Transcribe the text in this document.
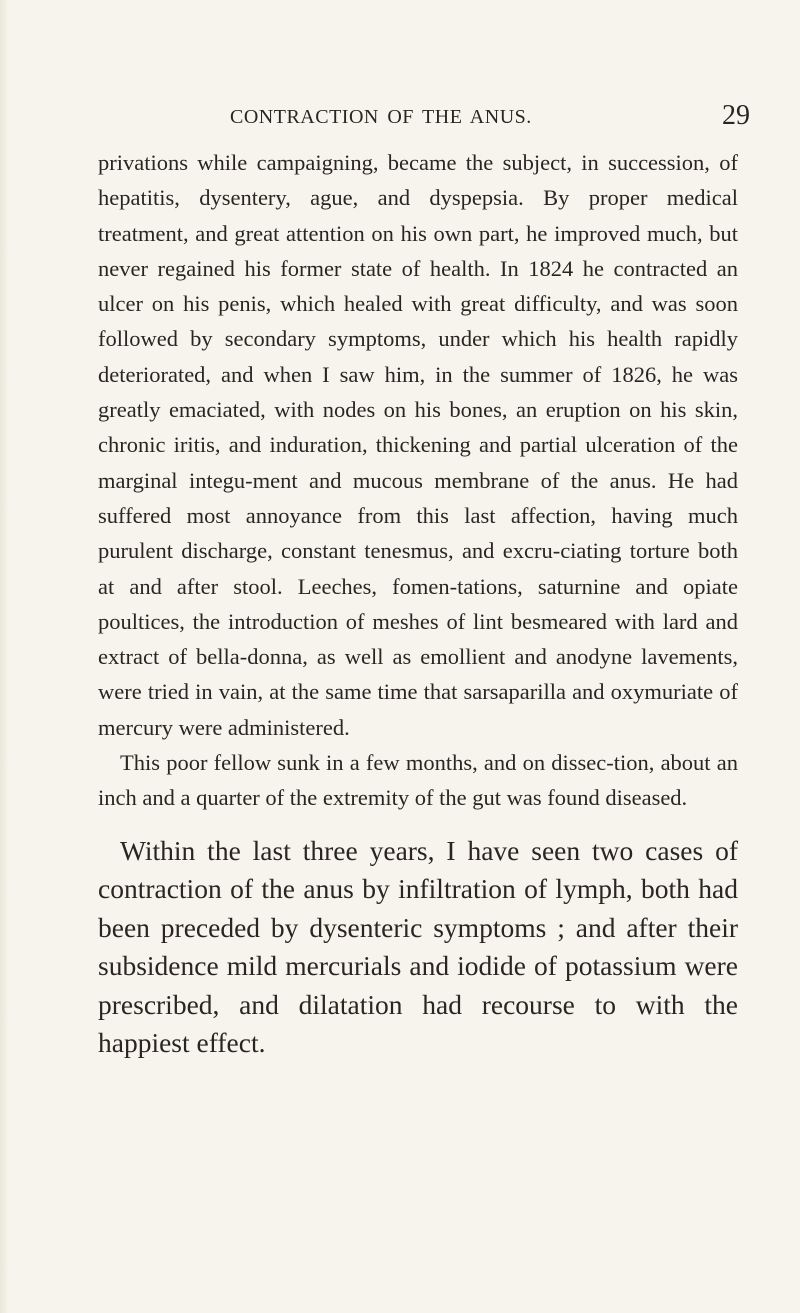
CONTRACTION OF THE ANUS.	29

privations while campaigning, became the subject, in succession, of hepatitis, dysentery, ague, and dyspepsia. By proper medical treatment, and great attention on his own part, he improved much, but never regained his former state of health. In 1824 he contracted an ulcer on his penis, which healed with great difficulty, and was soon followed by secondary symptoms, under which his health rapidly deteriorated, and when I saw him, in the summer of 1826, he was greatly emaciated, with nodes on his bones, an eruption on his skin, chronic iritis, and induration, thickening and partial ulceration of the marginal integu-ment and mucous membrane of the anus. He had suffered most annoyance from this last affection, having much purulent discharge, constant tenesmus, and excru-ciating torture both at and after stool. Leeches, fomen-tations, saturnine and opiate poultices, the introduction of meshes of lint besmeared with lard and extract of bella-donna, as well as emollient and anodyne lavements, were tried in vain, at the same time that sarsaparilla and oxymuriate of mercury were administered.

This poor fellow sunk in a few months, and on dissec-tion, about an inch and a quarter of the extremity of the gut was found diseased.

Within the last three years, I have seen two cases of contraction of the anus by infiltration of lymph, both had been preceded by dysenteric symptoms ; and after their subsidence mild mercurials and iodide of potassium were prescribed, and dilatation had recourse to with the happiest effect.
